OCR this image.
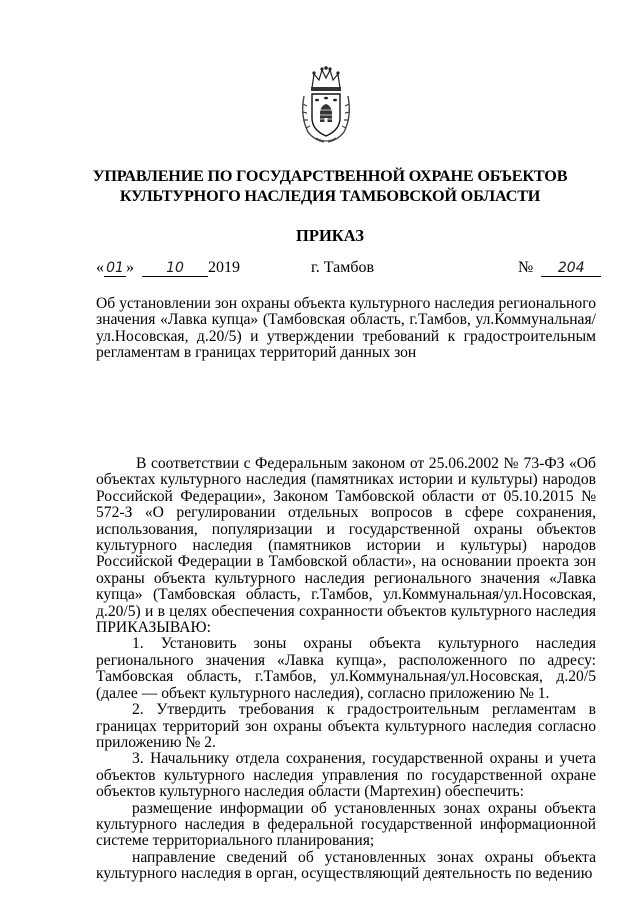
УПРАВЛЕНИЕ ПО ГОСУДАРСТВЕННОЙ ОХРАНЕ ОБЪЕКТОВ
КУЛЬТУРНОГО НАСЛЕДИЯ ТАМБОВСКОЙ ОБЛАСТИ
ПРИКАЗ
« 01 » 10 2019	г. Тамбов	№ 204

Об установлении зон охраны объекта культурного наследия регионального значения «Лавка купца» (Тамбовская область, г.Тамбов, ул.Коммунальная/ул.Носовская, д.20/5) и утверждении требований к градостроительным регламентам в границах территорий данных зон

В соответствии с Федеральным законом от 25.06.2002 № 73-ФЗ «Об объектах культурного наследия (памятниках истории и культуры) народов Российской Федерации», Законом Тамбовской области от 05.10.2015 № 572-З «О регулировании отдельных вопросов в сфере сохранения, использования, популяризации и государственной охраны объектов культурного наследия (памятников истории и культуры) народов Российской Федерации в Тамбовской области», на основании проекта зон охраны объекта культурного наследия регионального значения «Лавка купца» (Тамбовская область, г.Тамбов, ул.Коммунальная/ул.Носовская, д.20/5) и в целях обеспечения сохранности объектов культурного наследия ПРИКАЗЫВАЮ:

1. Установить зоны охраны объекта культурного наследия регионального значения «Лавка купца», расположенного по адресу: Тамбовская область, г.Тамбов, ул.Коммунальная/ул.Носовская, д.20/5 (далее — объект культурного наследия), согласно приложению № 1.

2. Утвердить требования к градостроительным регламентам в границах территорий зон охраны объекта культурного наследия согласно приложению № 2.

3. Начальнику отдела сохранения, государственной охраны и учета объектов культурного наследия управления по государственной охране объектов культурного наследия области (Мартехин) обеспечить:

размещение информации об установленных зонах охраны объекта культурного наследия в федеральной государственной информационной системе территориального планирования;

направление сведений об установленных зонах охраны объекта культурного наследия в орган, осуществляющий деятельность по ведению
